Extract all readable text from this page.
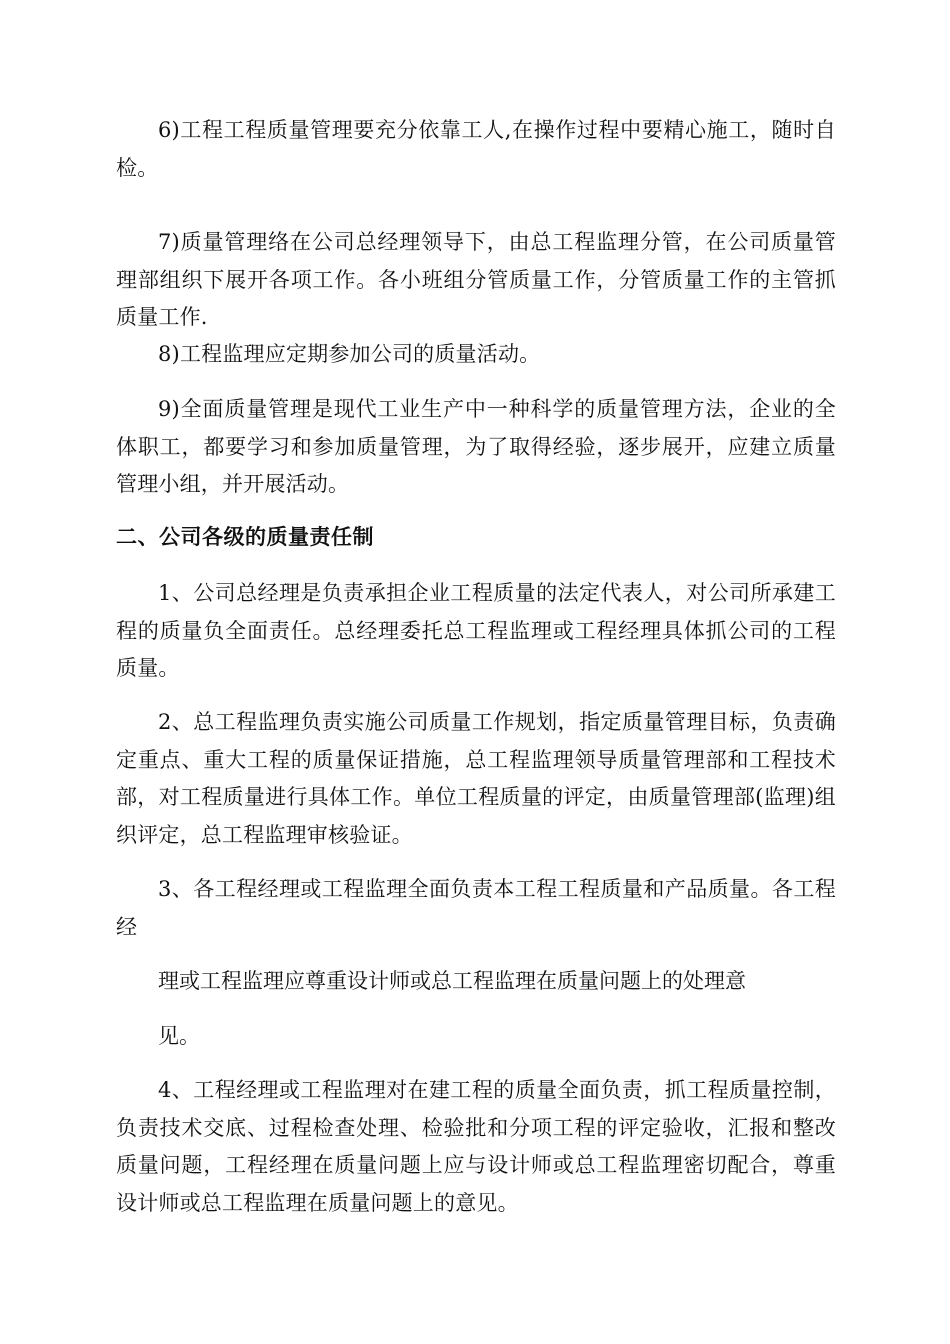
6)工程工程质量管理要充分依靠工人,在操作过程中要精心施工，随时自检。

7)质量管理络在公司总经理领导下，由总工程监理分管，在公司质量管理部组织下展开各项工作。各小班组分管质量工作，分管质量工作的主管抓质量工作.

8)工程监理应定期参加公司的质量活动。

9)全面质量管理是现代工业生产中一种科学的质量管理方法，企业的全体职工，都要学习和参加质量管理，为了取得经验，逐步展开，应建立质量管理小组，并开展活动。

二、公司各级的质量责任制

1、公司总经理是负责承担企业工程质量的法定代表人，对公司所承建工程的质量负全面责任。总经理委托总工程监理或工程经理具体抓公司的工程质量。

2、总工程监理负责实施公司质量工作规划，指定质量管理目标，负责确定重点、重大工程的质量保证措施，总工程监理领导质量管理部和工程技术部，对工程质量进行具体工作。单位工程质量的评定，由质量管理部(监理)组织评定，总工程监理审核验证。

3、各工程经理或工程监理全面负责本工程工程质量和产品质量。各工程经

理或工程监理应尊重设计师或总工程监理在质量问题上的处理意

见。

4、工程经理或工程监理对在建工程的质量全面负责，抓工程质量控制，负责技术交底、过程检查处理、检验批和分项工程的评定验收，汇报和整改质量问题，工程经理在质量问题上应与设计师或总工程监理密切配合，尊重设计师或总工程监理在质量问题上的意见。
